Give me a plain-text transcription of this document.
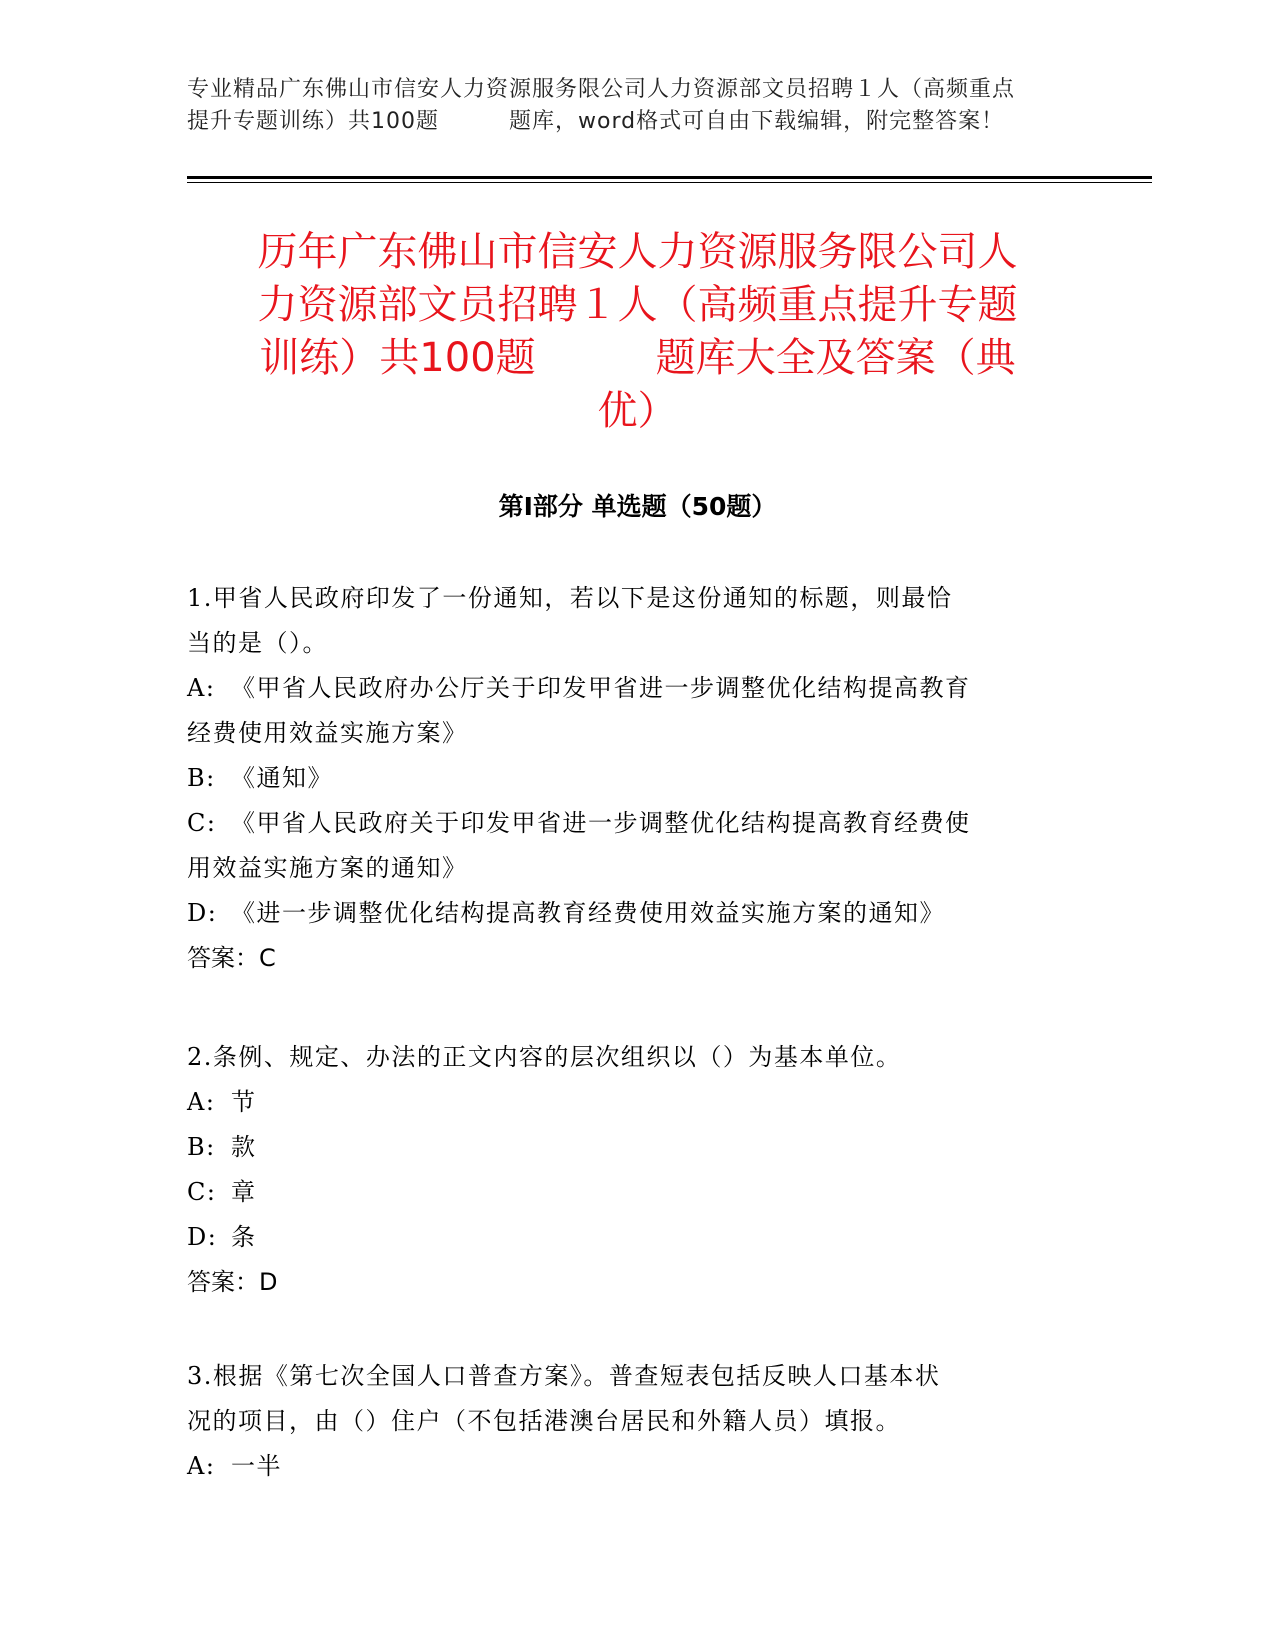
专业精品广东佛山市信安人力资源服务限公司人力资源部文员招聘１人（高频重点
提升专题训练）共100题	题库，word格式可自由下载编辑，附完整答案！
历年广东佛山市信安人力资源服务限公司人
力资源部文员招聘１人（高频重点提升专题
训练）共100题	题库大全及答案（典
优）
第Ⅰ部分 单选题（50题）
1.甲省人民政府印发了一份通知，若以下是这份通知的标题，则最恰
当的是（）。
A: 《甲省人民政府办公厅关于印发甲省进一步调整优化结构提高教育
经费使用效益实施方案》
B: 《通知》
C: 《甲省人民政府关于印发甲省进一步调整优化结构提高教育经费使
用效益实施方案的通知》
D: 《进一步调整优化结构提高教育经费使用效益实施方案的通知》
答案：C
2.条例、规定、办法的正文内容的层次组织以（）为基本单位。
A: 节
B: 款
C: 章
D: 条
答案：D
3.根据《第七次全国人口普查方案》。普查短表包括反映人口基本状
况的项目，由（）住户（不包括港澳台居民和外籍人员）填报。
A: 一半
